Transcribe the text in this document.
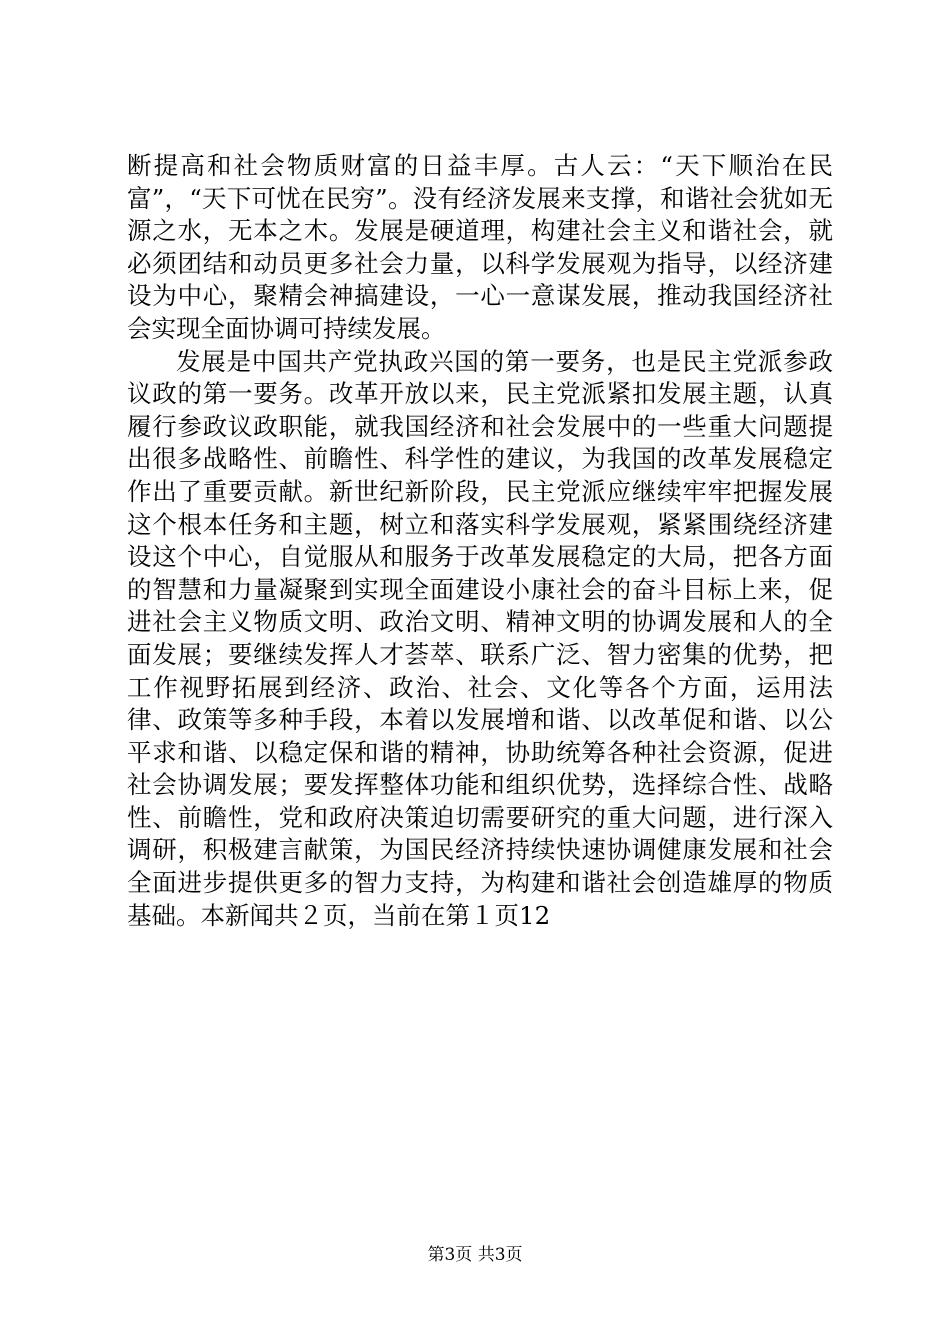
断提高和社会物质财富的日益丰厚。古人云：“天下顺治在民富”，“天下可忧在民穷”。没有经济发展来支撑，和谐社会犹如无源之水，无本之木。发展是硬道理，构建社会主义和谐社会，就必须团结和动员更多社会力量，以科学发展观为指导，以经济建设为中心，聚精会神搞建设，一心一意谋发展，推动我国经济社会实现全面协调可持续发展。

发展是中国共产党执政兴国的第一要务，也是民主党派参政议政的第一要务。改革开放以来，民主党派紧扣发展主题，认真履行参政议政职能，就我国经济和社会发展中的一些重大问题提出很多战略性、前瞻性、科学性的建议，为我国的改革发展稳定作出了重要贡献。新世纪新阶段，民主党派应继续牢牢把握发展这个根本任务和主题，树立和落实科学发展观，紧紧围绕经济建设这个中心，自觉服从和服务于改革发展稳定的大局，把各方面的智慧和力量凝聚到实现全面建设小康社会的奋斗目标上来，促进社会主义物质文明、政治文明、精神文明的协调发展和人的全面发展；要继续发挥人才荟萃、联系广泛、智力密集的优势，把工作视野拓展到经济、政治、社会、文化等各个方面，运用法律、政策等多种手段，本着以发展增和谐、以改革促和谐、以公平求和谐、以稳定保和谐的精神，协助统筹各种社会资源，促进社会协调发展；要发挥整体功能和组织优势，选择综合性、战略性、前瞻性，党和政府决策迫切需要研究的重大问题，进行深入调研，积极建言献策，为国民经济持续快速协调健康发展和社会全面进步提供更多的智力支持，为构建和谐社会创造雄厚的物质基础。本新闻共２页，当前在第１页12

第3页 共3页
